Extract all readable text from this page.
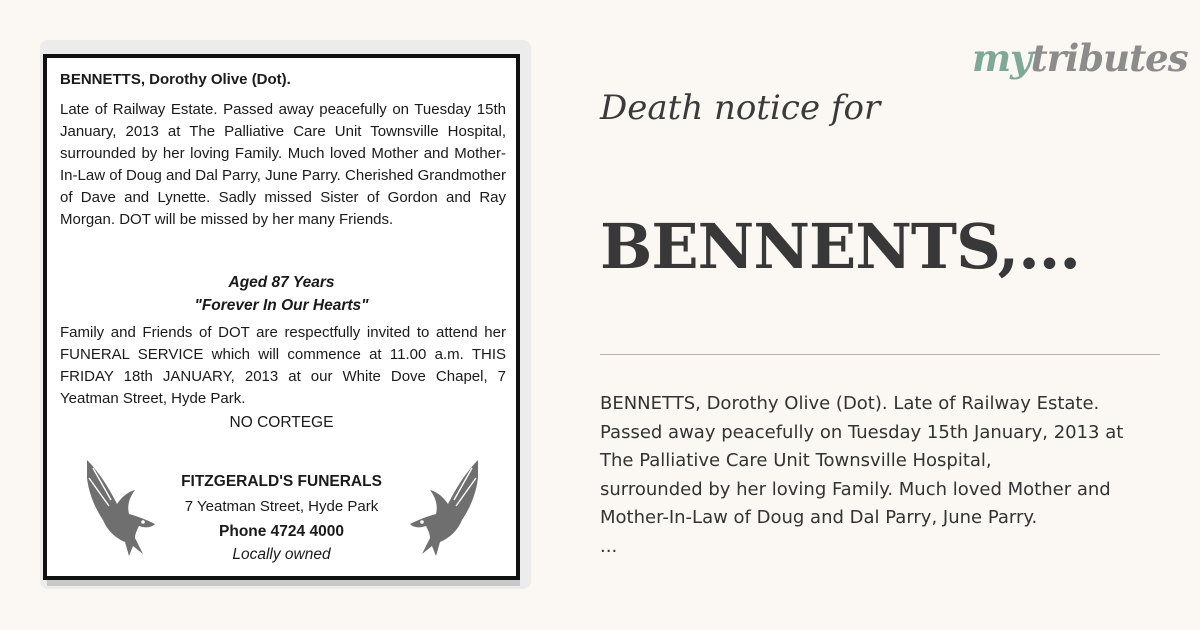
BENNETTS, Dorothy Olive (Dot).

Late of Railway Estate. Passed away peacefully on Tuesday 15th January, 2013 at The Palliative Care Unit Townsville Hospital, surrounded by her loving Family. Much loved Mother and Mother-In-Law of Doug and Dal Parry, June Parry. Cherished Grandmother of Dave and Lynette. Sadly missed Sister of Gordon and Ray Morgan. DOT will be missed by her many Friends.

Aged 87 Years

"Forever In Our Hearts"

Family and Friends of DOT are respectfully invited to attend her FUNERAL SERVICE which will commence at 11.00 a.m. THIS FRIDAY 18th JANUARY, 2013 at our White Dove Chapel, 7 Yeatman Street, Hyde Park.

NO CORTEGE

FITZGERALD'S FUNERALS

7 Yeatman Street, Hyde Park

Phone 4724 4000

Locally owned

mytributes

Death notice for
BENNENTS,...

BENNETTS, Dorothy Olive (Dot). Late of Railway Estate.

Passed away peacefully on Tuesday 15th January, 2013 at

The Palliative Care Unit Townsville Hospital,

surrounded by her loving Family. Much loved Mother and

Mother-In-Law of Doug and Dal Parry, June Parry.

...
